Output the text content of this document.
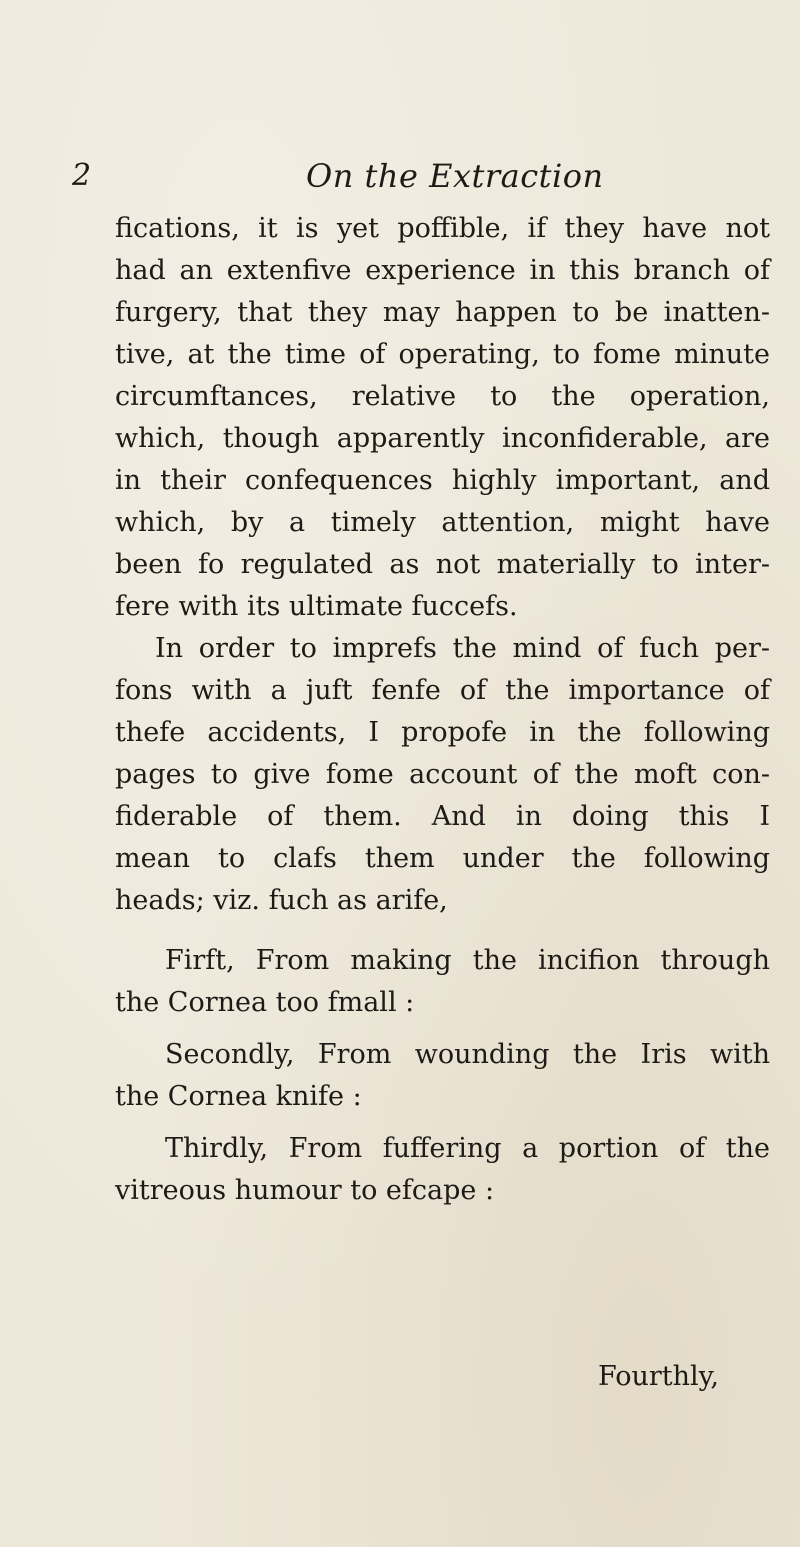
2	On the Extraction
fications, it is yet poffible, if they have not
had an extenfive experience in this branch of
furgery, that they may happen to be inatten-
tive, at the time of operating, to fome minute
circumftances, relative to the operation,
which, though apparently inconfiderable, are
in their confequences highly important, and
which, by a timely attention, might have
been fo regulated as not materially to inter-
fere with its ultimate fuccefs.
In order to imprefs the mind of fuch per-
fons with a juft fenfe of the importance of
thefe accidents, I propofe in the following
pages to give fome account of the moft con-
fiderable of them. And in doing this I
mean to clafs them under the following
heads; viz. fuch as arife,
Firft, From making the incifion through
the Cornea too fmall :
Secondly, From wounding the Iris with
the Cornea knife :
Thirdly, From fuffering a portion of the
vitreous humour to efcape :
Fourthly,
